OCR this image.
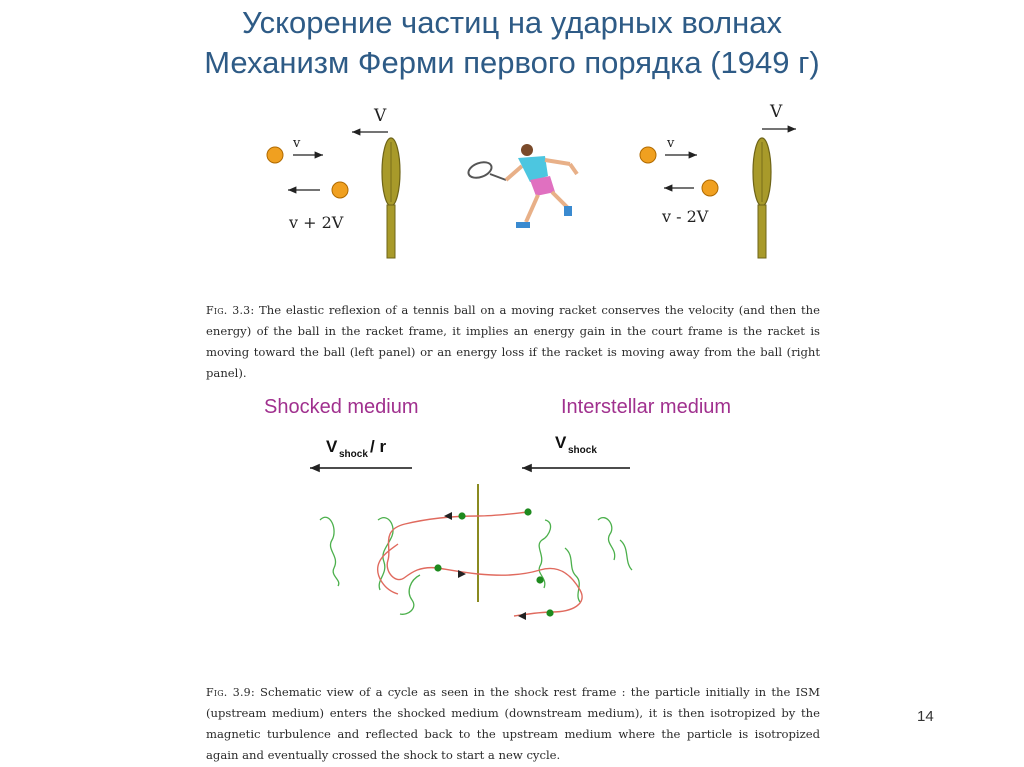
Ускорение частиц на ударных волнах
Механизм Ферми первого порядка (1949 г)
v
v + 2V
V
v
v - 2V
V
V shock / r	V shock
Fig. 3.3: The elastic reflexion of a tennis ball on a moving racket conserves the velocity (and then the energy) of the ball in the racket frame, it implies an energy gain in the court frame is the racket is moving toward the ball (left panel) or an energy loss if the racket is moving away from the ball (right panel).
Shocked medium	Interstellar medium
Fig. 3.9: Schematic view of a cycle as seen in the shock rest frame : the particle initially in the ISM (upstream medium) enters the shocked medium (downstream medium), it is then isotropized by the magnetic turbulence and reflected back to the upstream medium where the particle is isotropized again and eventually crossed the shock to start a new cycle.
14
